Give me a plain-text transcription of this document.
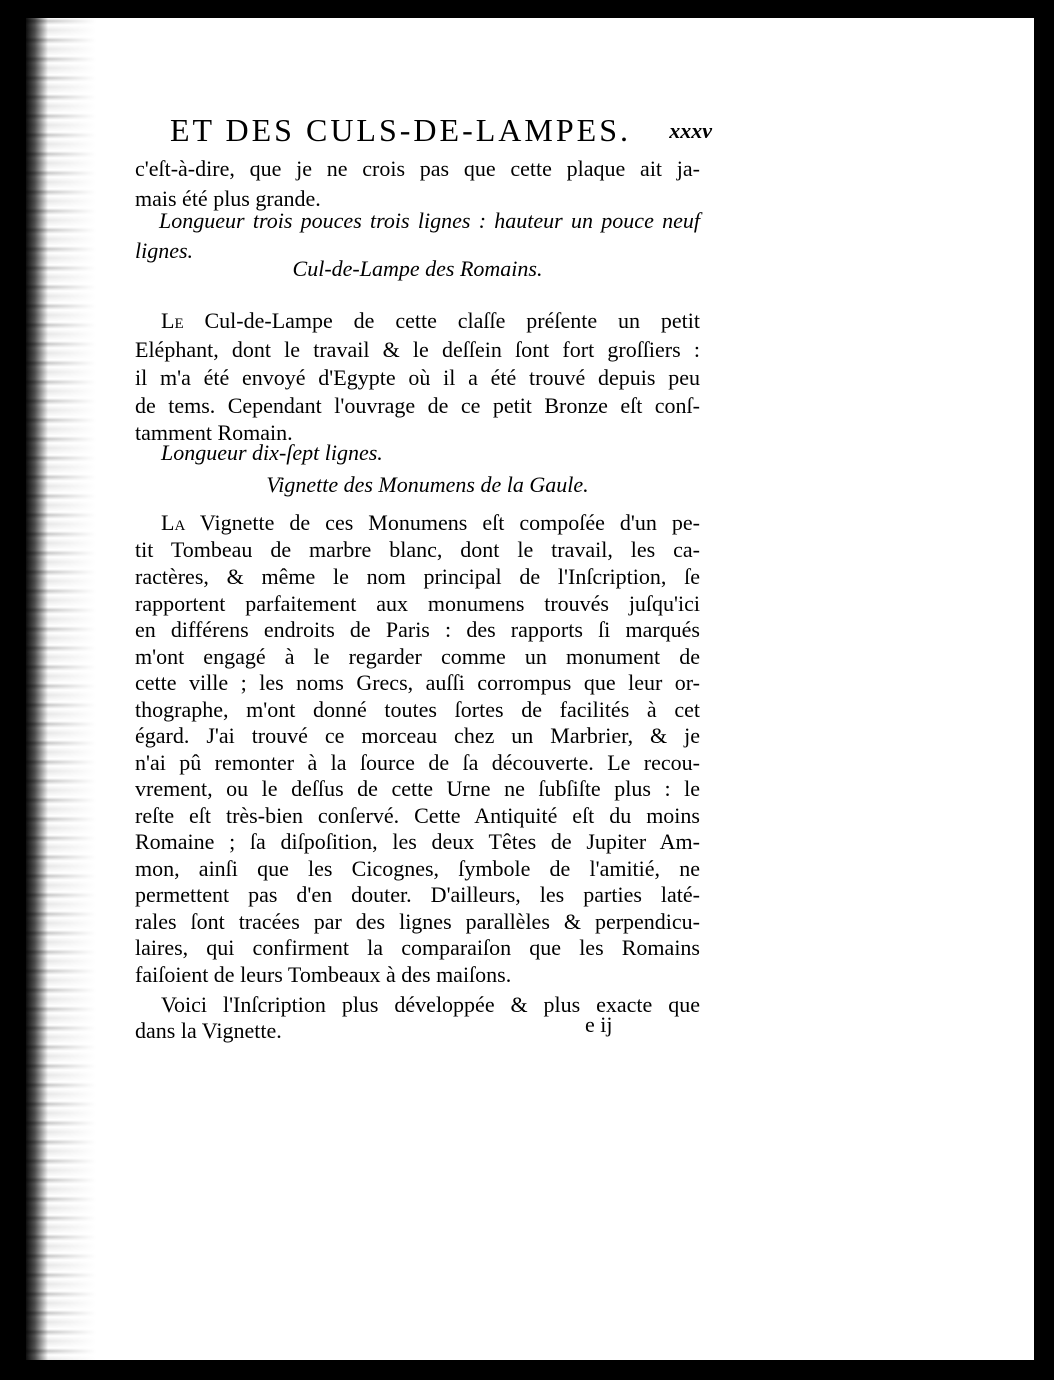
ET DES CULS-DE-LAMPES. xxxv
c'eſt-à-dire, que je ne crois pas que cette plaque ait ja-
mais été plus grande.
Longueur trois pouces trois lignes : hauteur un pouce neuf
lignes.
Cul-de-Lampe des Romains.
Le Cul-de-Lampe de cette claſſe préſente un petit
Eléphant, dont le travail & le deſſein ſont fort groſſiers :
il m'a été envoyé d'Egypte où il a été trouvé depuis peu
de tems. Cependant l'ouvrage de ce petit Bronze eſt conſ-
tamment Romain.
Longueur dix-ſept lignes.
Vignette des Monumens de la Gaule.
La Vignette de ces Monumens eſt compoſée d'un pe-
tit Tombeau de marbre blanc, dont le travail, les ca-
ractères, & même le nom principal de l'Inſcription, ſe
rapportent parfaitement aux monumens trouvés juſqu'ici
en différens endroits de Paris : des rapports ſi marqués
m'ont engagé à le regarder comme un monument de
cette ville ; les noms Grecs, auſſi corrompus que leur or-
thographe, m'ont donné toutes ſortes de facilités à cet
égard. J'ai trouvé ce morceau chez un Marbrier, & je
n'ai pû remonter à la ſource de ſa découverte. Le recou-
vrement, ou le deſſus de cette Urne ne ſubſiſte plus : le
reſte eſt très-bien conſervé. Cette Antiquité eſt du moins
Romaine ; ſa diſpoſition, les deux Têtes de Jupiter Am-
mon, ainſi que les Cicognes, ſymbole de l'amitié, ne
permettent pas d'en douter. D'ailleurs, les parties laté-
rales ſont tracées par des lignes parallèles & perpendicu-
laires, qui confirment la comparaiſon que les Romains
faiſoient de leurs Tombeaux à des maiſons.
Voici l'Inſcription plus développée & plus exacte que
dans la Vignette.	e ij
